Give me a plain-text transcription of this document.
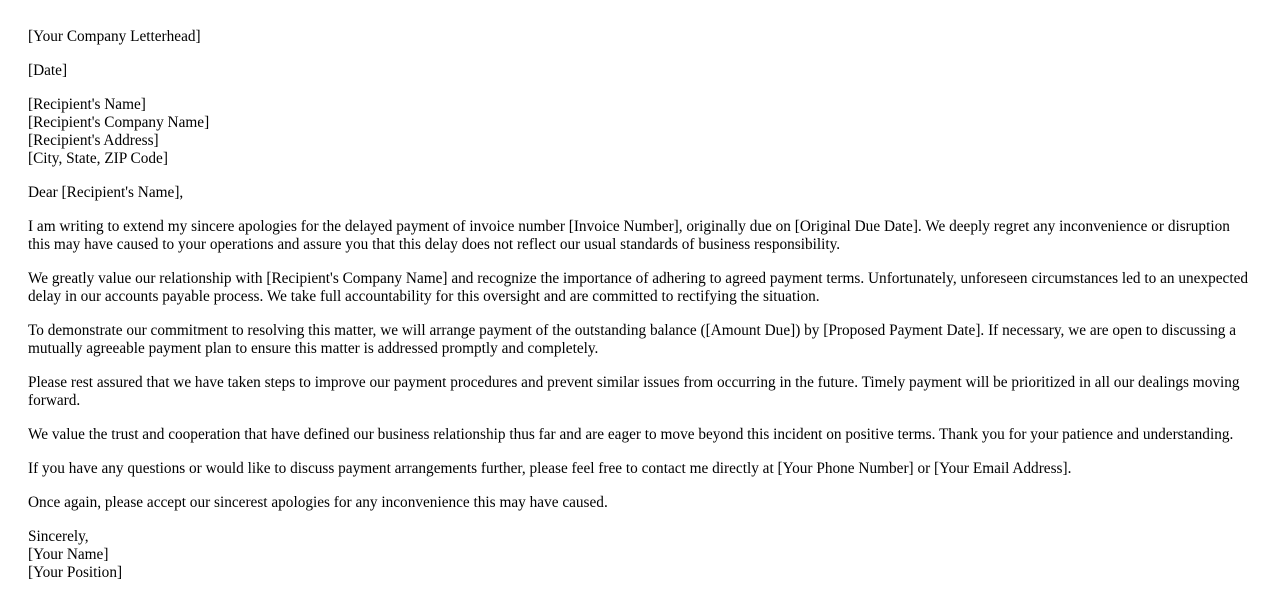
[Your Company Letterhead]
[Date]
[Recipient's Name]
[Recipient's Company Name]
[Recipient's Address]
[City, State, ZIP Code]
Dear [Recipient's Name],

I am writing to extend my sincere apologies for the delayed payment of invoice number [Invoice Number], originally due on [Original Due Date]. We deeply regret any inconvenience or disruption this may have caused to your operations and assure you that this delay does not reflect our usual standards of business responsibility.

We greatly value our relationship with [Recipient's Company Name] and recognize the importance of adhering to agreed payment terms. Unfortunately, unforeseen circumstances led to an unexpected delay in our accounts payable process. We take full accountability for this oversight and are committed to rectifying the situation.

To demonstrate our commitment to resolving this matter, we will arrange payment of the outstanding balance ([Amount Due]) by [Proposed Payment Date]. If necessary, we are open to discussing a mutually agreeable payment plan to ensure this matter is addressed promptly and completely.

Please rest assured that we have taken steps to improve our payment procedures and prevent similar issues from occurring in the future. Timely payment will be prioritized in all our dealings moving forward.

We value the trust and cooperation that have defined our business relationship thus far and are eager to move beyond this incident on positive terms. Thank you for your patience and understanding.

If you have any questions or would like to discuss payment arrangements further, please feel free to contact me directly at [Your Phone Number] or [Your Email Address].

Once again, please accept our sincerest apologies for any inconvenience this may have caused.

Sincerely,
[Your Name]
[Your Position]
